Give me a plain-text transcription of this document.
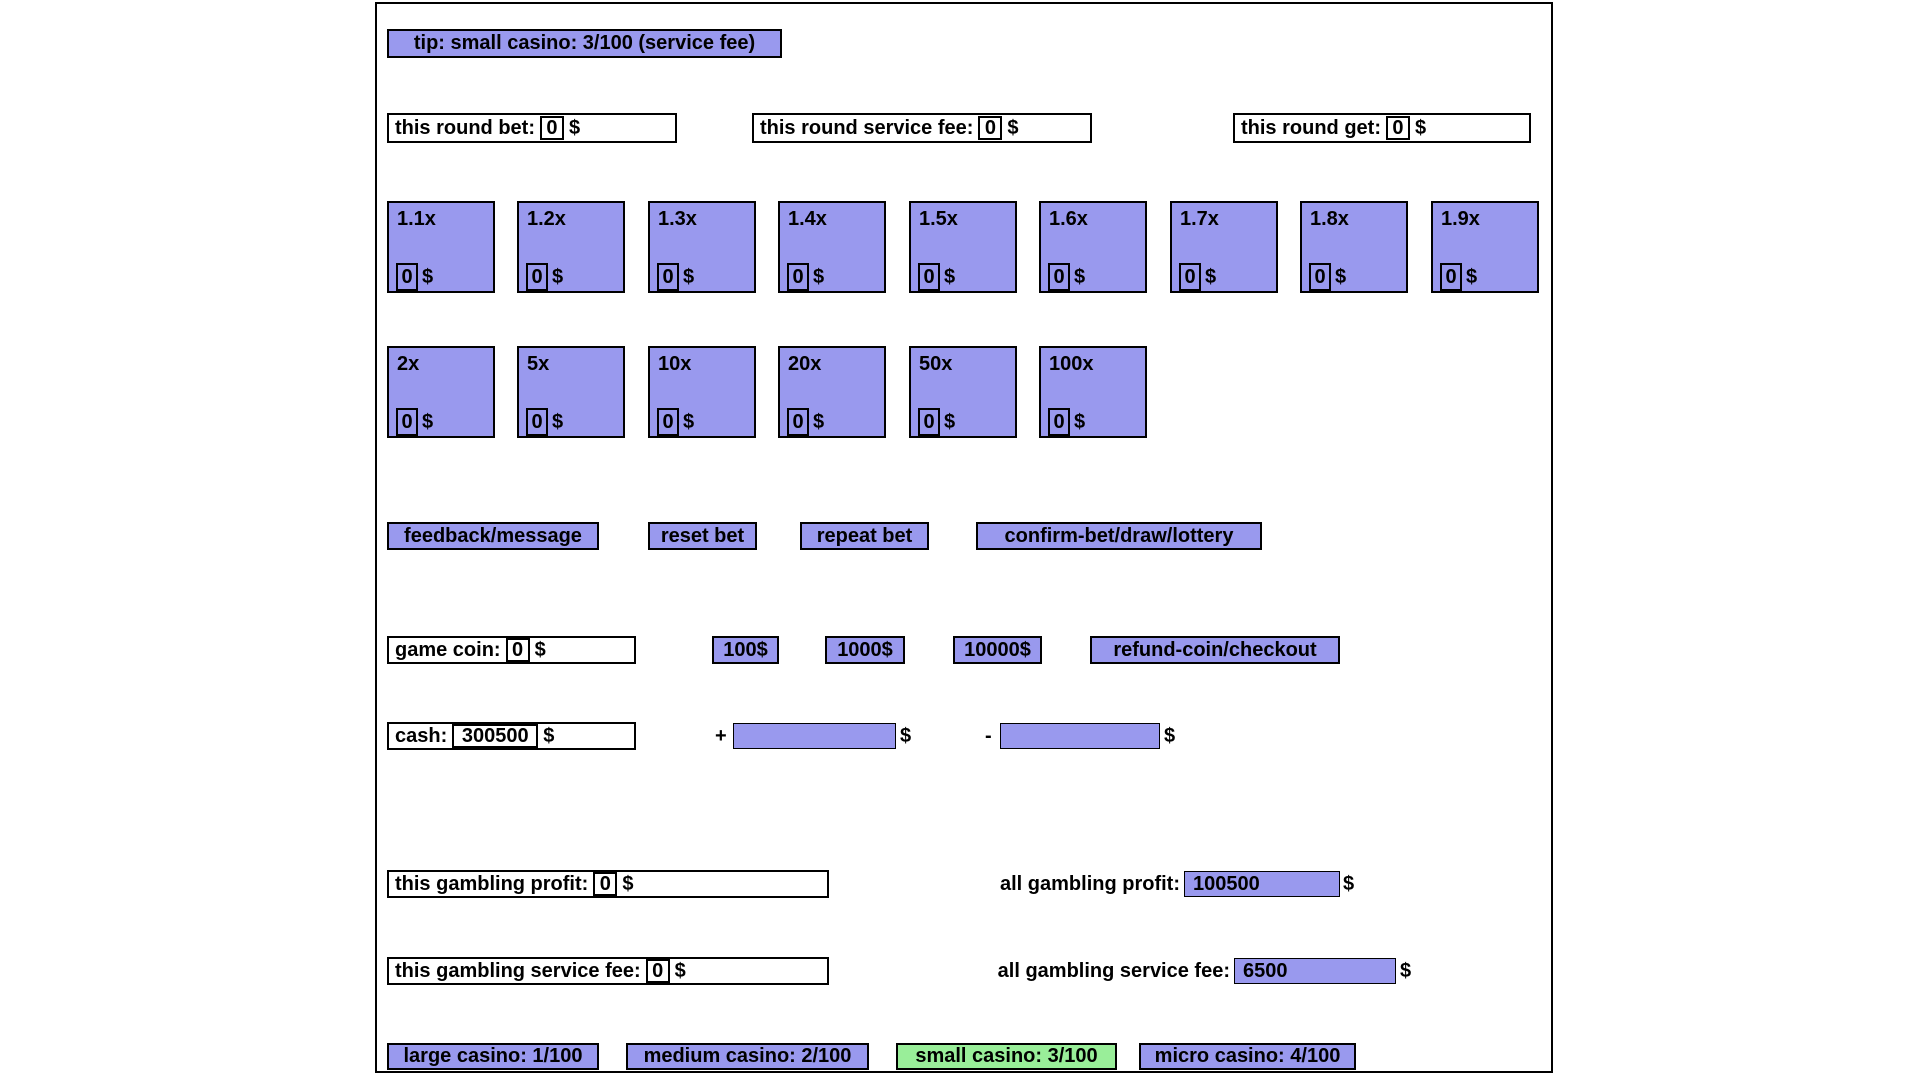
tip: small casino: 3/100 (service fee)
this round bet: 0 $	this round service fee: 0 $	this round get: 0 $
1.1x
0 $
1.2x
0 $
1.3x
0 $
1.4x
0 $
1.5x
0 $
1.6x
0 $
1.7x
0 $
1.8x
0 $
1.9x
0 $
2x
0 $
5x
0 $
10x
0 $
20x
0 $
50x
0 $
100x
0 $
feedback/message	reset bet	repeat bet	confirm-bet/draw/lottery
game coin: 0 $	100$	1000$	10000$	refund-coin/checkout
cash: 300500 $	+	$	-	$
this gambling profit: 0 $	all gambling profit: 100500	$
this gambling service fee: 0 $	all gambling service fee: 6500	$
large casino: 1/100	medium casino: 2/100	small casino: 3/100	micro casino: 4/100
